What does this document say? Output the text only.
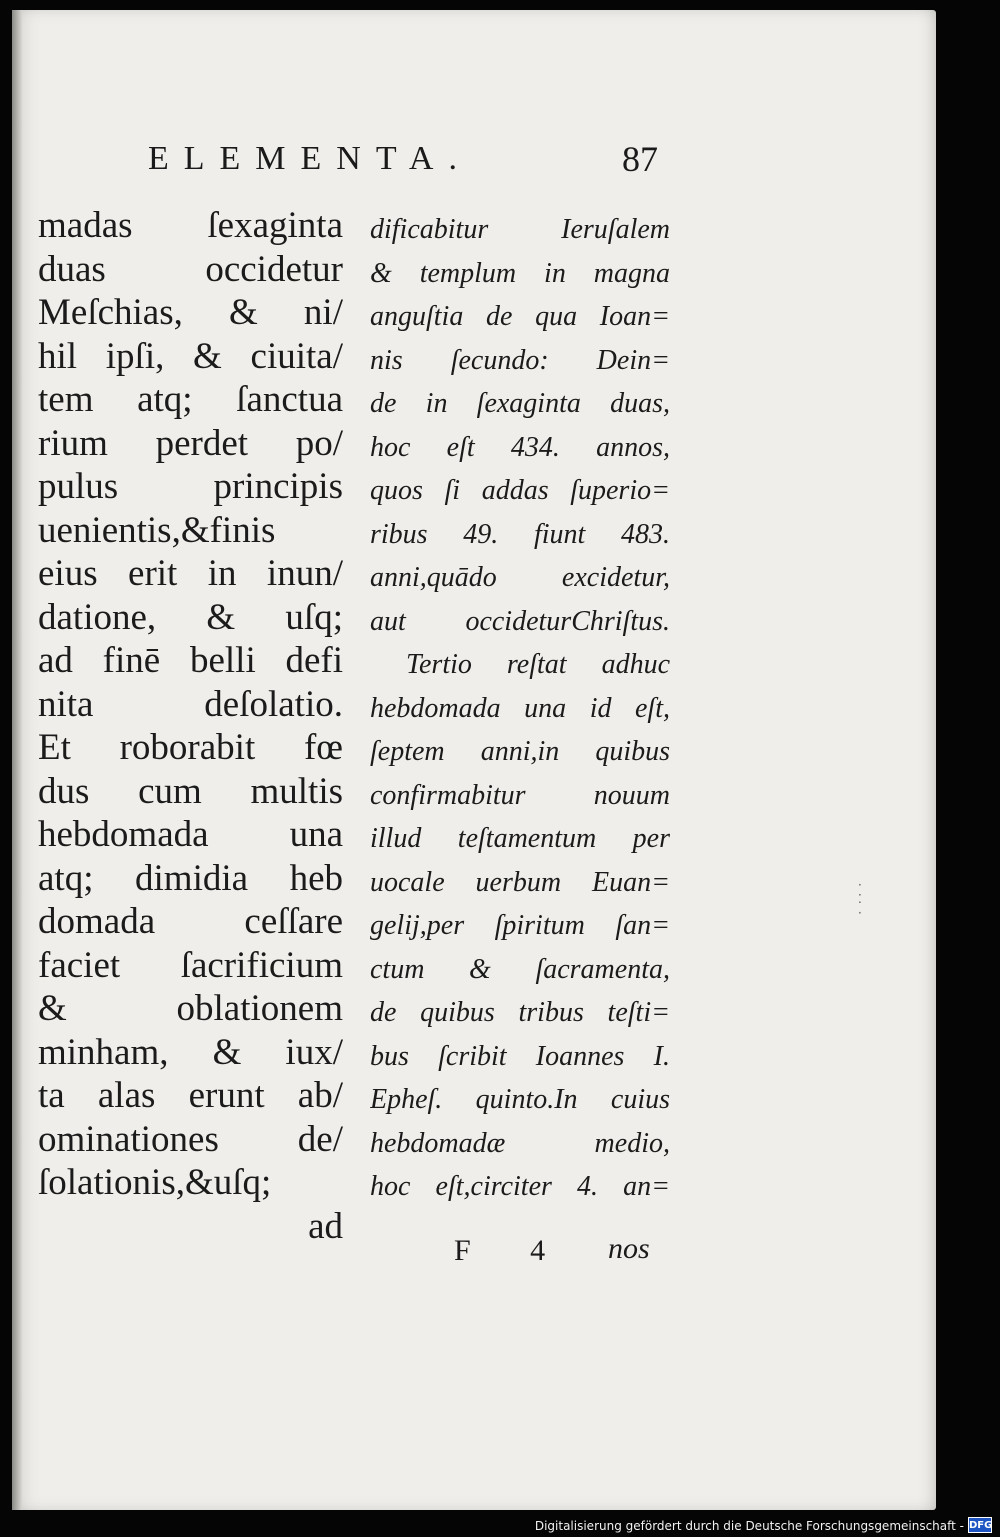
ELEMENTA.	87
madas ſexaginta
duas occidetur
Meſchias, & ni/
hil ipſi, & ciuita/
tem atq; ſanctua
rium perdet po/
pulus principis
uenientis,&finis
eius erit in inun/
datione, & uſq;
ad finē belli defi
nita deſolatio.
Et roborabit fœ
dus cum multis
hebdomada una
atq; dimidia heb
domada ceſſare
faciet ſacrificium
& oblationem
minham, & iux/
ta alas erunt ab/
ominationes de/
ſolationis,&uſq;
ad
dificabitur Ieruſalem
& templum in magna
anguſtia de qua Ioan=
nis ſecundo: Dein=
de in ſexaginta duas,
hoc eſt 434. annos,
quos ſi addas ſuperio=
ribus 49. fiunt 483.
anni,quādo excidetur,
aut occideturChriſtus.
Tertio reſtat adhuc
hebdomada una id eſt,
ſeptem anni,in quibus
confirmabitur nouum
illud teſtamentum per
uocale uerbum Euan=
gelij,per ſpiritum ſan=
ctum & ſacramenta,
de quibus tribus teſti=
bus ſcribit Ioannes I.
Epheſ. quinto.In cuius
hebdomadæ medio,
hoc eſt,circiter 4. an=
F 4 nos
·
⁚
·
Digitalisierung gefördert durch die Deutsche Forschungsgemeinschaft - DFG
